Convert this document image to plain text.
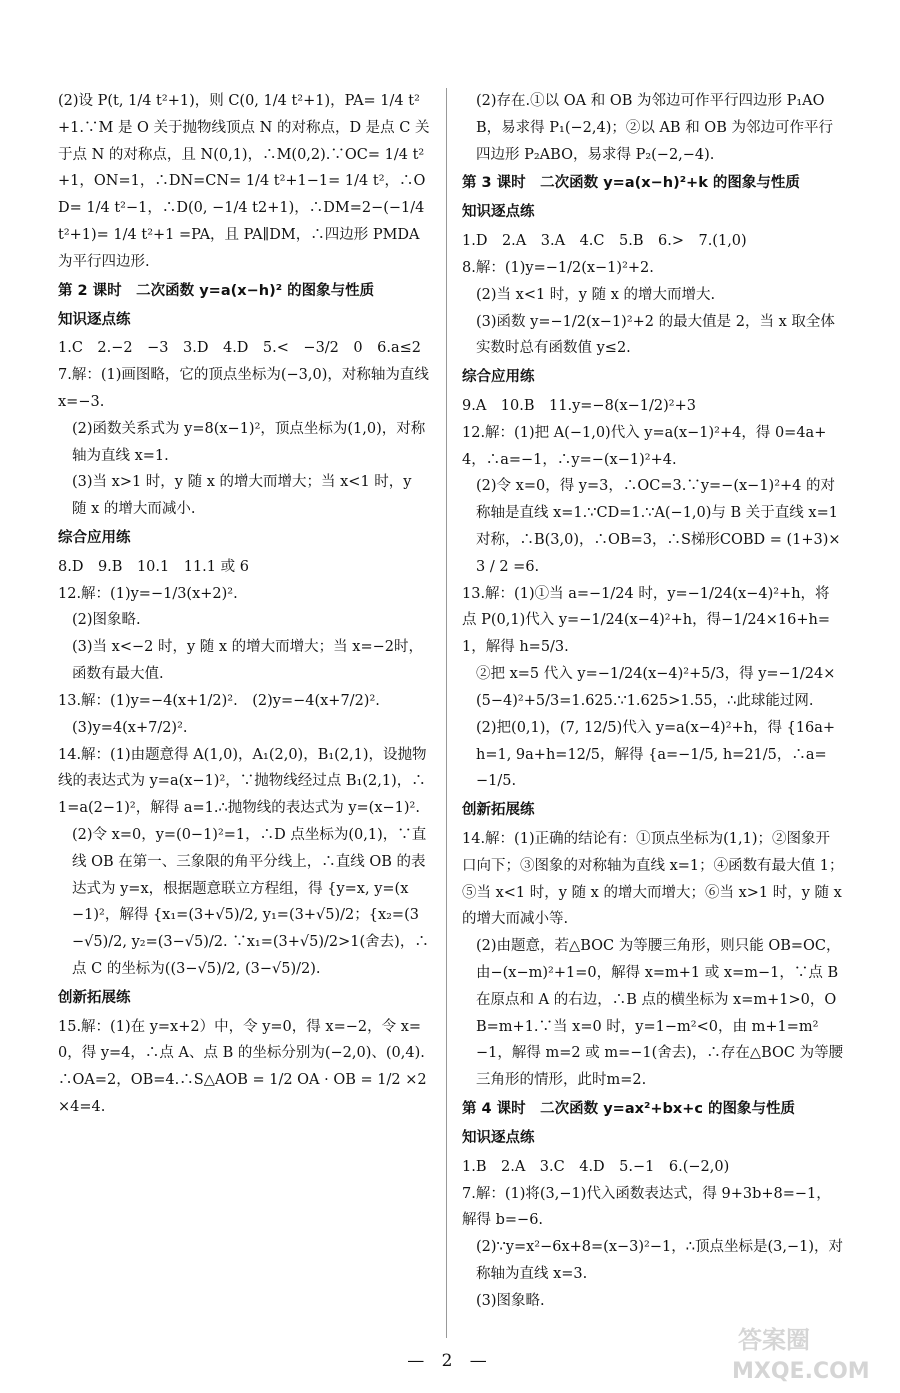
(2)设 P(t, 1/4 t²+1)，则 C(0, 1/4 t²+1)，PA= 1/4 t²+1.∵M 是 O 关于抛物线顶点 N 的对称点，D 是点 C 关于点 N 的对称点，且 N(0,1)，∴M(0,2).∵OC= 1/4 t²+1，ON=1，∴DN=CN= 1/4 t²+1−1= 1/4 t²，∴OD= 1/4 t²−1，∴D(0, −1/4 t2+1)，∴DM=2−(−1/4 t²+1)= 1/4 t²+1 =PA，且 PA∥DM，∴四边形 PMDA 为平行四边形.

第 2 课时　二次函数 y=a(x−h)² 的图象与性质

知识逐点练

1.C　2.−2　−3　3.D　4.D　5.<　−3/2　0　6.a≤2

7.解：(1)画图略，它的顶点坐标为(−3,0)，对称轴为直线 x=−3.

(2)函数关系式为 y=8(x−1)²，顶点坐标为(1,0)，对称轴为直线 x=1.

(3)当 x>1 时，y 随 x 的增大而增大；当 x<1 时，y 随 x 的增大而减小.

综合应用练

8.D　9.B　10.1　11.1 或 6

12.解：(1)y=−1/3(x+2)².

(2)图象略.

(3)当 x<−2 时，y 随 x 的增大而增大；当 x=−2时，函数有最大值.

13.解：(1)y=−4(x+1/2)².　(2)y=−4(x+7/2)².

(3)y=4(x+7/2)².

14.解：(1)由题意得 A(1,0)，A₁(2,0)，B₁(2,1)，设抛物线的表达式为 y=a(x−1)²，∵抛物线经过点 B₁(2,1)，∴1=a(2−1)²，解得 a=1.∴抛物线的表达式为 y=(x−1)².

(2)令 x=0，y=(0−1)²=1，∴D 点坐标为(0,1)，∵直线 OB 在第一、三象限的角平分线上，∴直线 OB 的表达式为 y=x，根据题意联立方程组，得 {y=x, y=(x−1)²，解得 {x₁=(3+√5)/2, y₁=(3+√5)/2；{x₂=(3−√5)/2, y₂=(3−√5)/2. ∵x₁=(3+√5)/2>1(舍去)，∴点 C 的坐标为((3−√5)/2, (3−√5)/2).

创新拓展练

15.解：(1)在 y=x+2）中，令 y=0，得 x=−2，令 x=0，得 y=4，∴点 A、点 B 的坐标分别为(−2,0)、(0,4). ∴OA=2，OB=4.∴S△AOB = 1/2 OA · OB = 1/2 ×2×4=4.

(2)存在.①以 OA 和 OB 为邻边可作平行四边形 P₁AOB，易求得 P₁(−2,4)；②以 AB 和 OB 为邻边可作平行四边形 P₂ABO，易求得 P₂(−2,−4).

第 3 课时　二次函数 y=a(x−h)²+k 的图象与性质

知识逐点练

1.D　2.A　3.A　4.C　5.B　6.>　7.(1,0)

8.解：(1)y=−1/2(x−1)²+2.

(2)当 x<1 时，y 随 x 的增大而增大.

(3)函数 y=−1/2(x−1)²+2 的最大值是 2，当 x 取全体实数时总有函数值 y≤2.

综合应用练

9.A　10.B　11.y=−8(x−1/2)²+3

12.解：(1)把 A(−1,0)代入 y=a(x−1)²+4，得 0=4a+4，∴a=−1，∴y=−(x−1)²+4.

(2)令 x=0，得 y=3，∴OC=3.∵y=−(x−1)²+4 的对称轴是直线 x=1.∵CD=1.∵A(−1,0)与 B 关于直线 x=1 对称，∴B(3,0)，∴OB=3，∴S梯形COBD = (1+3)×3 / 2 =6.

13.解：(1)①当 a=−1/24 时，y=−1/24(x−4)²+h，将点 P(0,1)代入 y=−1/24(x−4)²+h，得−1/24×16+h=1，解得 h=5/3.

②把 x=5 代入 y=−1/24(x−4)²+5/3，得 y=−1/24×(5−4)²+5/3=1.625.∵1.625>1.55，∴此球能过网.

(2)把(0,1)，(7, 12/5)代入 y=a(x−4)²+h，得 {16a+h=1, 9a+h=12/5，解得 {a=−1/5, h=21/5，∴a=−1/5.

创新拓展练

14.解：(1)正确的结论有：①顶点坐标为(1,1)；②图象开口向下；③图象的对称轴为直线 x=1；④函数有最大值 1；⑤当 x<1 时，y 随 x 的增大而增大；⑥当 x>1 时，y 随 x 的增大而减小等.

(2)由题意，若△BOC 为等腰三角形，则只能 OB=OC，由−(x−m)²+1=0，解得 x=m+1 或 x=m−1，∵点 B 在原点和 A 的右边，∴B 点的横坐标为 x=m+1>0，OB=m+1.∵当 x=0 时，y=1−m²<0，由 m+1=m²−1，解得 m=2 或 m=−1(舍去)，∴存在△BOC 为等腰三角形的情形，此时m=2.

第 4 课时　二次函数 y=ax²+bx+c 的图象与性质

知识逐点练

1.B　2.A　3.C　4.D　5.−1　6.(−2,0)

7.解：(1)将(3,−1)代入函数表达式，得 9+3b+8=−1，解得 b=−6.

(2)∵y=x²−6x+8=(x−3)²−1，∴顶点坐标是(3,−1)，对称轴为直线 x=3.

(3)图象略.

— 2 —
答案圈
MXQE.COM
